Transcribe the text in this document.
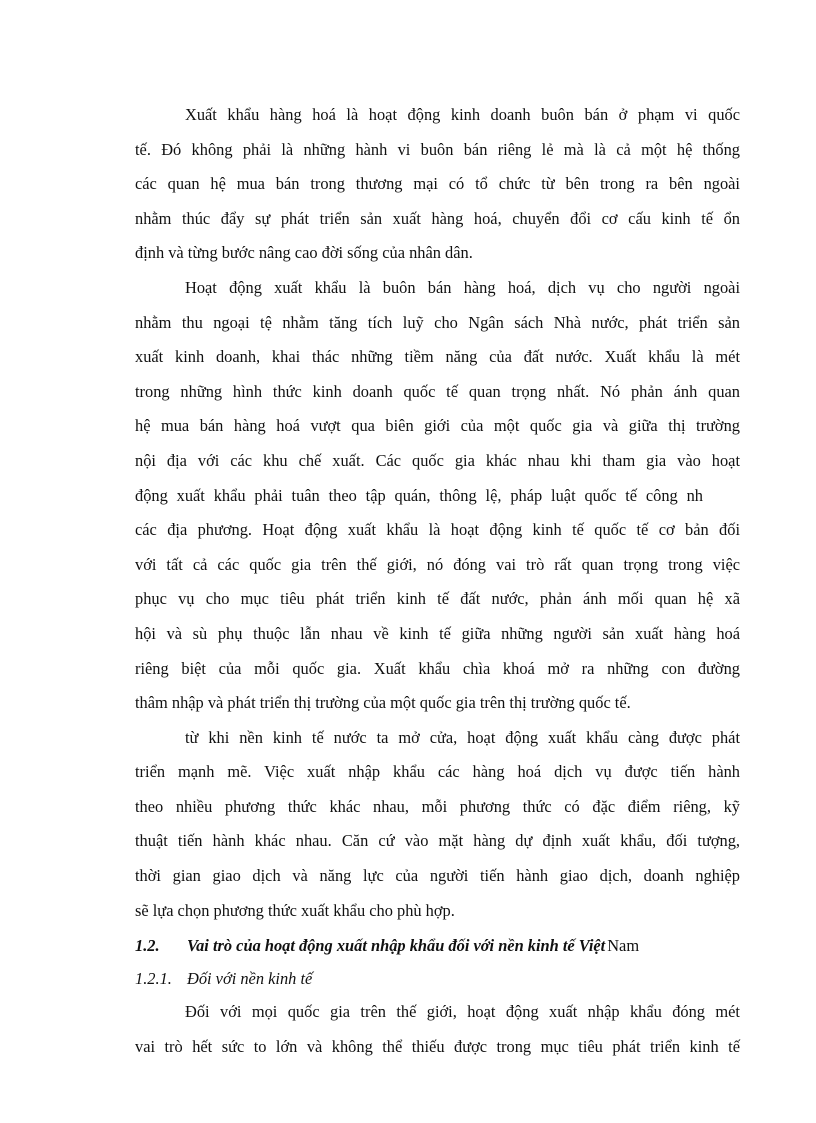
Xuất khẩu hàng hoá là hoạt động kinh doanh buôn bán ở phạm vi quốc
tế. Đó không phải là những hành vi buôn bán riêng lẻ mà là cả một hệ thống
các quan hệ mua bán trong thương mại có tổ chức từ bên trong ra bên ngoài
nhằm thúc đẩy sự phát triển sản xuất hàng hoá, chuyển đổi cơ cấu kinh tế ổn
định và từng bước nâng cao đời sống của nhân dân.
Hoạt động xuất khẩu là buôn bán hàng hoá, dịch vụ cho người ngoài
nhằm thu ngoại tệ nhằm tăng tích luỹ cho Ngân sách Nhà nước, phát triển sản
xuất kinh doanh, khai thác những tiềm năng của đất nước. Xuất khẩu là mét
trong những hình thức kinh doanh quốc tế quan trọng nhất. Nó phản ánh quan
hệ mua bán hàng hoá vượt qua biên giới của một quốc gia và giữa thị trường
nội địa với các khu chế xuất. Các quốc gia khác nhau khi tham gia vào hoạt
động xuất khẩu phải tuân theo tập quán, thông lệ, pháp luật quốc tế công nh
các địa phương. Hoạt động xuất khẩu là hoạt động kinh tế quốc tế cơ bản đối
với tất cả các quốc gia trên thế giới, nó đóng vai trò rất quan trọng trong việc
phục vụ cho mục tiêu phát triển kinh tế đất nước, phản ánh mối quan hệ xã
hội và sù phụ thuộc lẫn nhau về kinh tế giữa những người sản xuất hàng hoá
riêng biệt của mỗi quốc gia. Xuất khẩu chìa khoá mở ra những con đường
thâm nhập và phát triển thị trường của một quốc gia trên thị trường quốc tế.
từ khi nền kinh tế nước ta mở cửa, hoạt động xuất khẩu càng được phát
triển mạnh mẽ. Việc xuất nhập khẩu các hàng hoá dịch vụ được tiến hành
theo nhiều phương thức khác nhau, mỗi phương thức có đặc điểm riêng, kỹ
thuật tiến hành khác nhau. Căn cứ vào mặt hàng dự định xuất khẩu, đối tượng,
thời gian giao dịch và năng lực của người tiến hành giao dịch, doanh nghiệp
sẽ lựa chọn phương thức xuất khẩu cho phù hợp.
1.2.	Vai trò của hoạt động xuất nhập khẩu đối với nền kinh tế Việt Nam
1.2.1. Đối với nền kinh tế
Đối với mọi quốc gia trên thế giới, hoạt động xuất nhập khẩu đóng mét
vai trò hết sức to lớn và không thể thiếu được trong mục tiêu phát triển kinh tế
